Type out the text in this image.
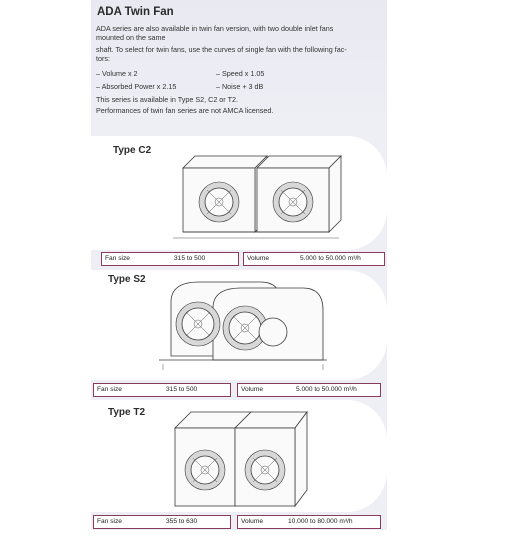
ADA Twin Fan
ADA series are also available in twin fan version, with two double inlet fans
mounted on the same
shaft. To select for twin fans, use the curves of single fan with the following fac-
tors:
– Volume x 2	– Speed x 1.05
– Absorbed Power x 2.15	– Noise + 3 dB
This series is available in Type S2, C2 or T2.
Performances of twin fan series are not AMCA licensed.
Type C2
Fan size	315 to 500	Volume	5.000 to 50.000 m³/h
Type S2
Fan size	315 to 500	Volume	5.000 to 50.000 m³/h
Type T2
Fan size	355 to 630	Volume	10.000 to 80.000 m³/h
